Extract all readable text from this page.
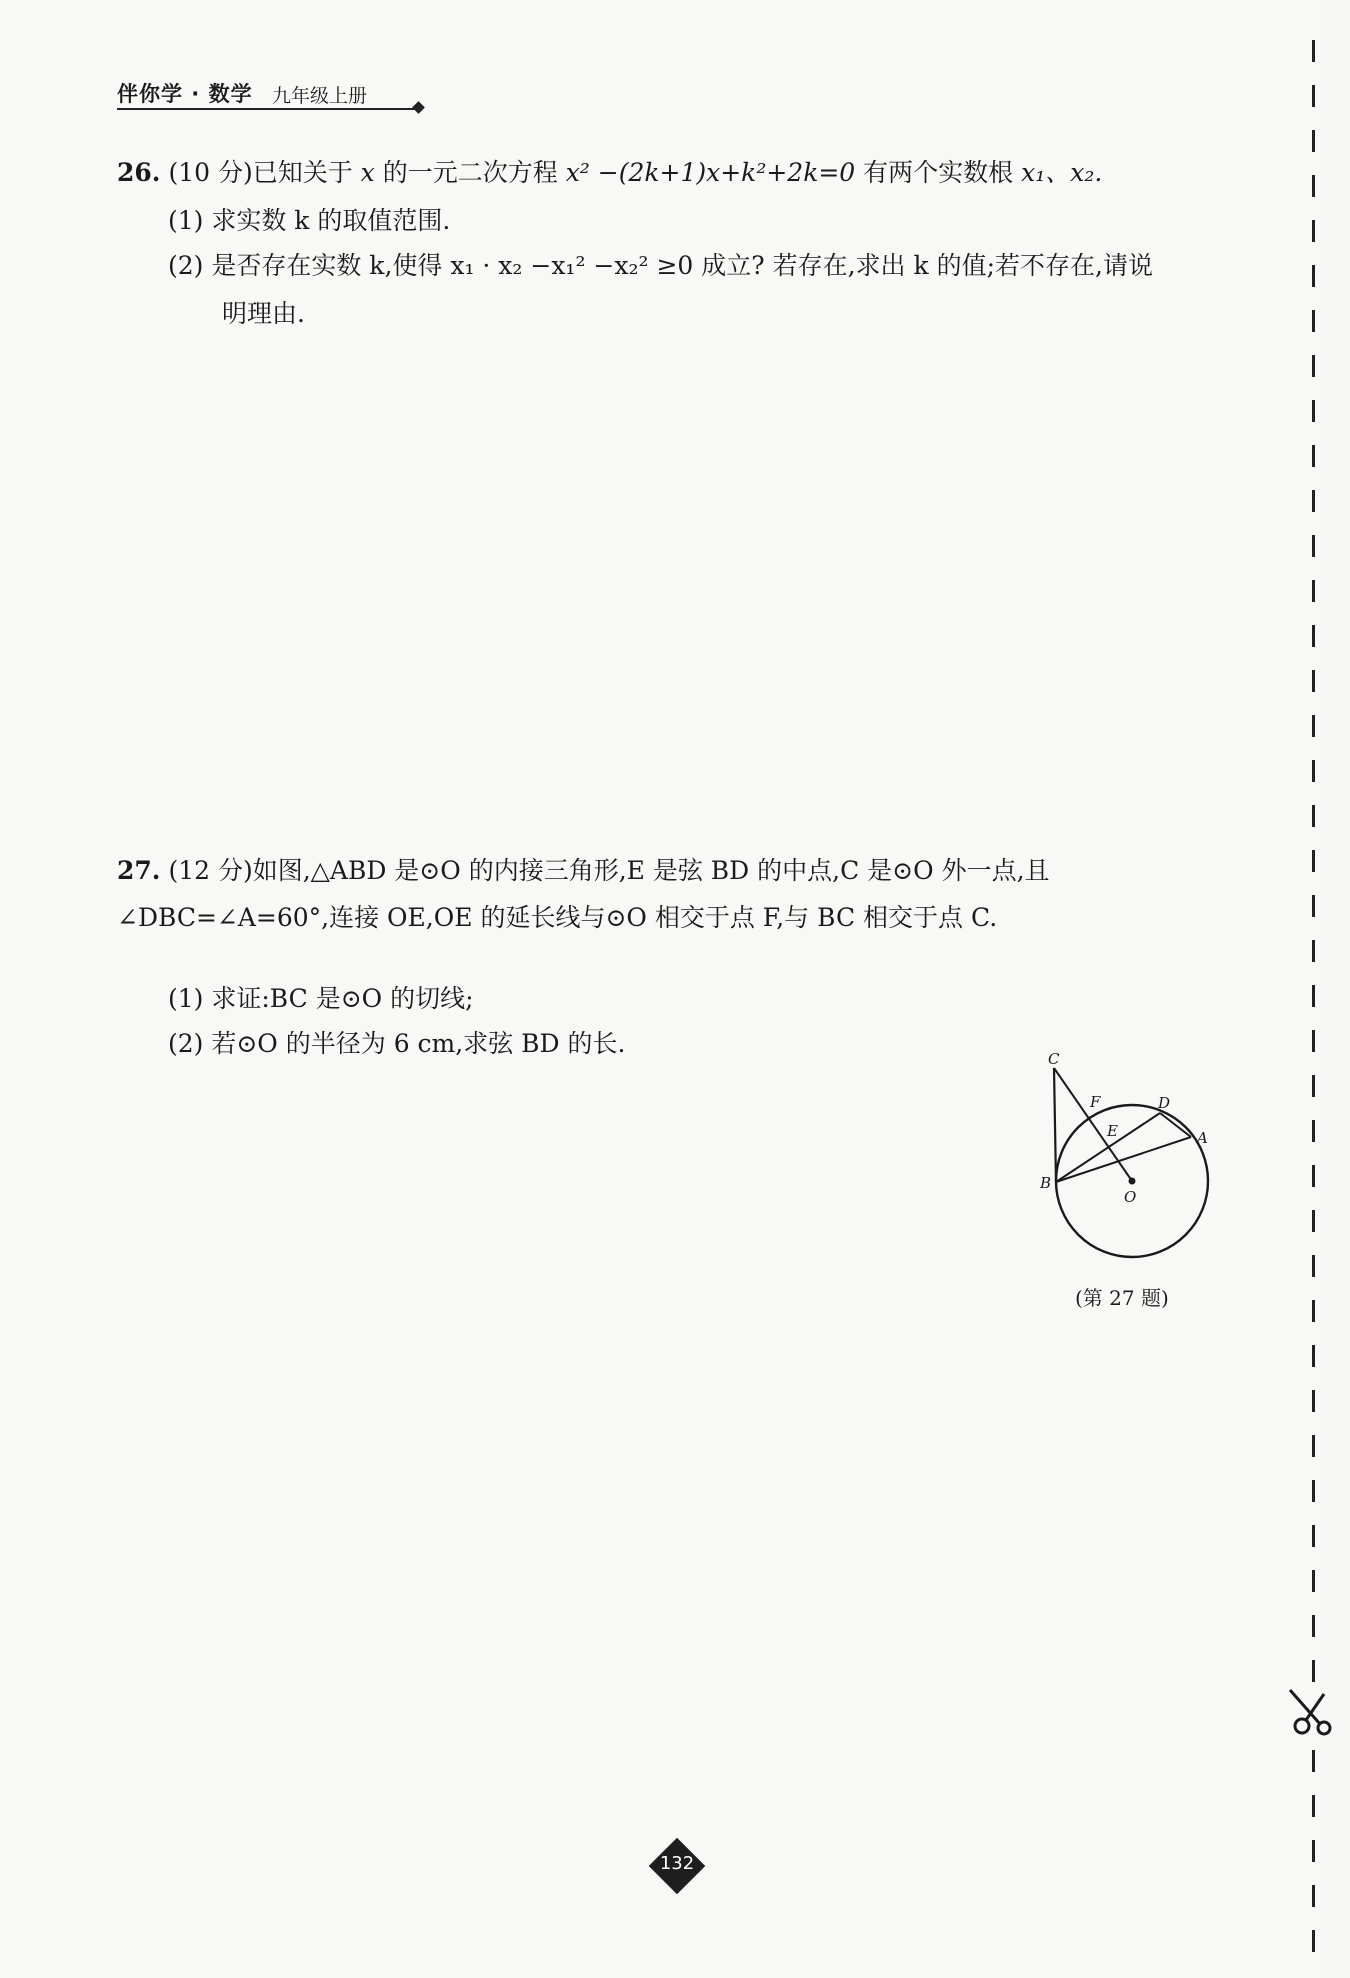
伴你学 · 数学 九年级上册
26. (10 分)已知关于 x 的一元二次方程 x² −(2k+1)x+k²+2k=0 有两个实数根 x₁、x₂.
(1) 求实数 k 的取值范围.
(2) 是否存在实数 k,使得 x₁ · x₂ −x₁² −x₂² ≥0 成立? 若存在,求出 k 的值;若不存在,请说
明理由.
27. (12 分)如图,△ABD 是⊙O 的内接三角形,E 是弦 BD 的中点,C 是⊙O 外一点,且
∠DBC=∠A=60°,连接 OE,OE 的延长线与⊙O 相交于点 F,与 BC 相交于点 C.
(1) 求证:BC 是⊙O 的切线;
(2) 若⊙O 的半径为 6 cm,求弦 BD 的长.
C
F	D
E	A
B
O
(第 27 题)
132
